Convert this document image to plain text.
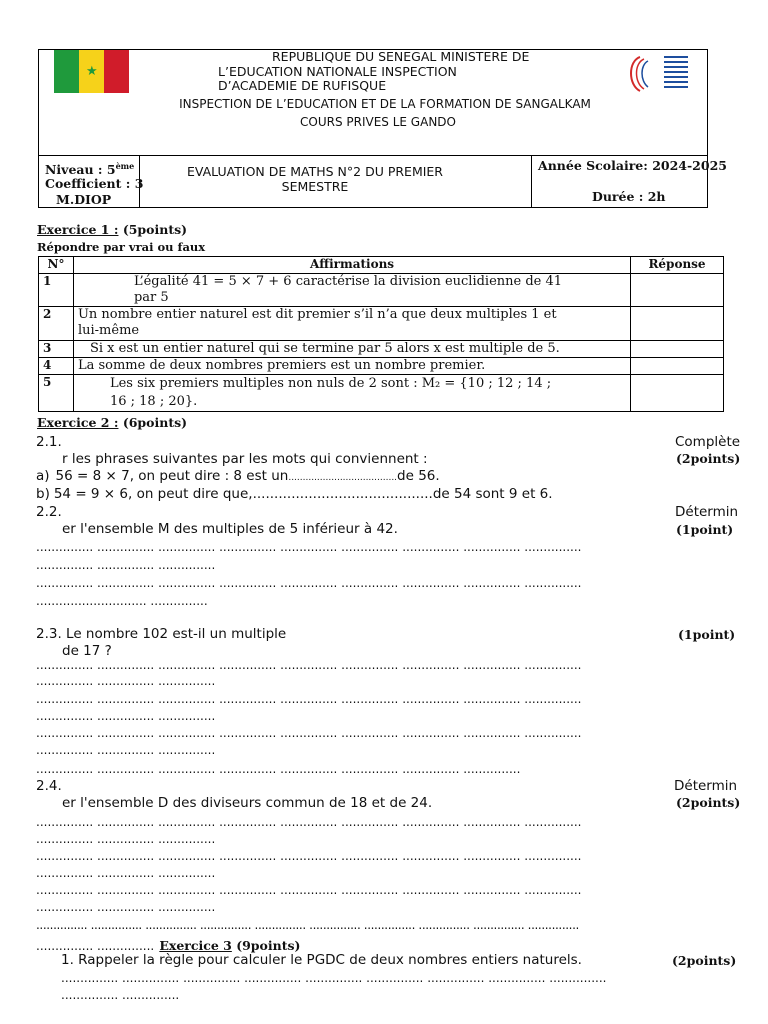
★
REPUBLIQUE DU SENEGAL MINISTERE DE
L’EDUCATION NATIONALE INSPECTION
D’ACADEMIE DE RUFISQUE
INSPECTION DE L’EDUCATION ET DE LA FORMATION DE SANGALKAM
COURS PRIVES LE GANDO
Niveau : 5ème
Coefficient : 3
M.DIOP
EVALUATION DE MATHS N°2 DU PREMIER
SEMESTRE
Année Scolaire: 2024-2025
Durée : 2h
Exercice 1 : (5points)
Répondre par vrai ou faux
N°	Affirmations	Réponse
1	L’égalité 41 = 5 × 7 + 6 caractérise la division euclidienne de 41
par 5	
2	Un nombre entier naturel est dit premier s’il n’a que deux multiples 1 et
lui-même	
3	Si x est un entier naturel qui se termine par 5 alors x est multiple de 5.	
4	La somme de deux nombres premiers est un nombre premier.	
5	Les six premiers multiples non nuls de 2 sont : M₂ = {10 ; 12 ; 14 ;
16 ; 18 ; 20}.	
Exercice 2 : (6points)
2.1.	Complète
r les phrases suivantes par les mots qui conviennent :	(2points)
a) 56 = 8 × 7, on peut dire : 8 est un......................................de 56.
b) 54 = 9 × 6, on peut dire que,..........................................de 54 sont 9 et 6.
2.2.	Détermin
er l'ensemble M des multiples de 5 inférieur à 42.	(1point)
............... ............... ............... ............... ............... ............... ............... ............... ...............
............... ............... ...............
............... ............... ............... ............... ............... ............... ............... ............... ...............
............................. ...............
2.3. Le nombre 102 est-il un multiple
de 17 ?
(1point)
............... ............... ............... ............... ............... ............... ............... ............... ...............
............... ............... ...............
............... ............... ............... ............... ............... ............... ............... ............... ...............
............... ............... ...............
............... ............... ............... ............... ............... ............... ............... ............... ...............
............... ............... ...............
............... ............... ............... ............... ............... ............... ............... ...............
2.4.	Détermin
er l'ensemble D des diviseurs commun de 18 et de 24.	(2points)
............... ............... ............... ............... ............... ............... ............... ............... ...............
............... ............... ...............
............... ............... ............... ............... ............... ............... ............... ............... ...............
............... ............... ...............
............... ............... ............... ............... ............... ............... ............... ............... ...............
............... ............... ...............
............... ............... ............... ............... ............... ............... ............... ............... ............... ...............
............... ............... Exercice 3 (9points)
1. Rappeler la règle pour calculer le PGDC de deux nombres entiers naturels.	(2points)
............... ............... ............... ............... ............... ............... ............... ............... ...............
............... ...............
